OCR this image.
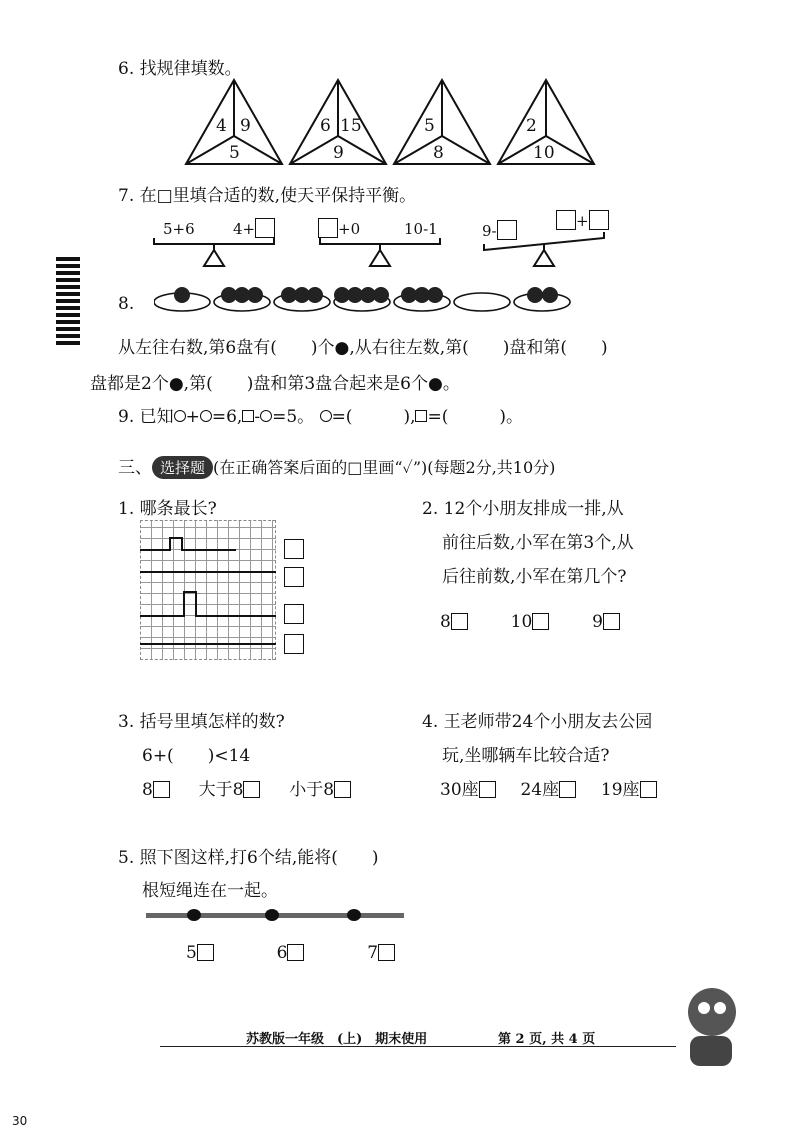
6. 找规律填数。
4 9
5
6 15
9
5
8
2
10
7. 在□里填合适的数,使天平保持平衡。
5+6	4+	+0	10-1	9-
+
8.
从左往右数,第6盘有(　　)个●,从右往左数,第(　　)盘和第(　　)
盘都是2个●,第(　　)盘和第3盘合起来是6个●。
9. 已知 + =6, - =5。 =(　　　), =(　　　)。
三、 选择题 (在正确答案后面的□里画“✓”)(每题2分,共10分)
1. 哪条最长?	2. 12个小朋友排成一排,从
前往后数,小军在第3个,从
后往前数,小军在第几个?
8	10	9
3. 括号里填怎样的数?
6+(　　)<14
8	大于8	小于8
4. 王老师带24个小朋友去公园
玩,坐哪辆车比较合适?
30座 24座 19座
5. 照下图这样,打6个结,能将(　　)
根短绳连在一起。
5	6	7
苏教版一年级　(上)　期末使用	第 2 页, 共 4 页
30
